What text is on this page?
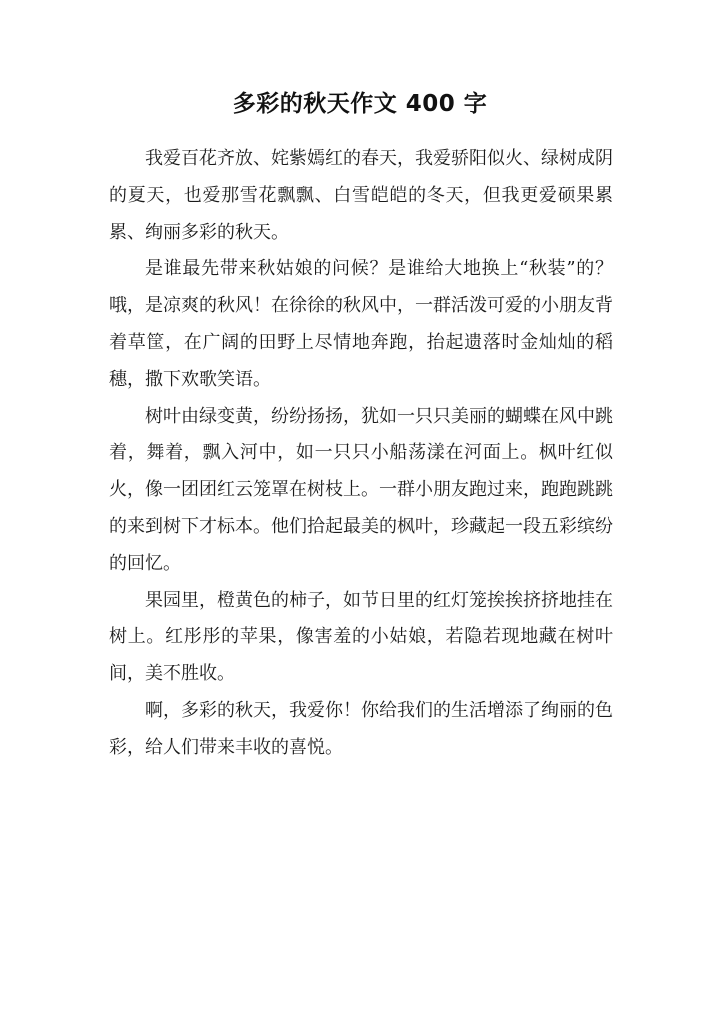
多彩的秋天作文 400 字

我爱百花齐放、姹紫嫣红的春天，我爱骄阳似火、绿树成阴的夏天，也爱那雪花飘飘、白雪皑皑的冬天，但我更爱硕果累累、绚丽多彩的秋天。

是谁最先带来秋姑娘的问候？是谁给大地换上“秋装”的？哦，是凉爽的秋风！在徐徐的秋风中，一群活泼可爱的小朋友背着草筐，在广阔的田野上尽情地奔跑，抬起遗落时金灿灿的稻穗，撒下欢歌笑语。

树叶由绿变黄，纷纷扬扬，犹如一只只美丽的蝴蝶在风中跳着，舞着，飘入河中，如一只只小船荡漾在河面上。枫叶红似火，像一团团红云笼罩在树枝上。一群小朋友跑过来，跑跑跳跳的来到树下才标本。他们拾起最美的枫叶，珍藏起一段五彩缤纷的回忆。

果园里，橙黄色的柿子，如节日里的红灯笼挨挨挤挤地挂在树上。红彤彤的苹果，像害羞的小姑娘，若隐若现地藏在树叶间，美不胜收。

啊，多彩的秋天，我爱你！你给我们的生活增添了绚丽的色彩，给人们带来丰收的喜悦。
